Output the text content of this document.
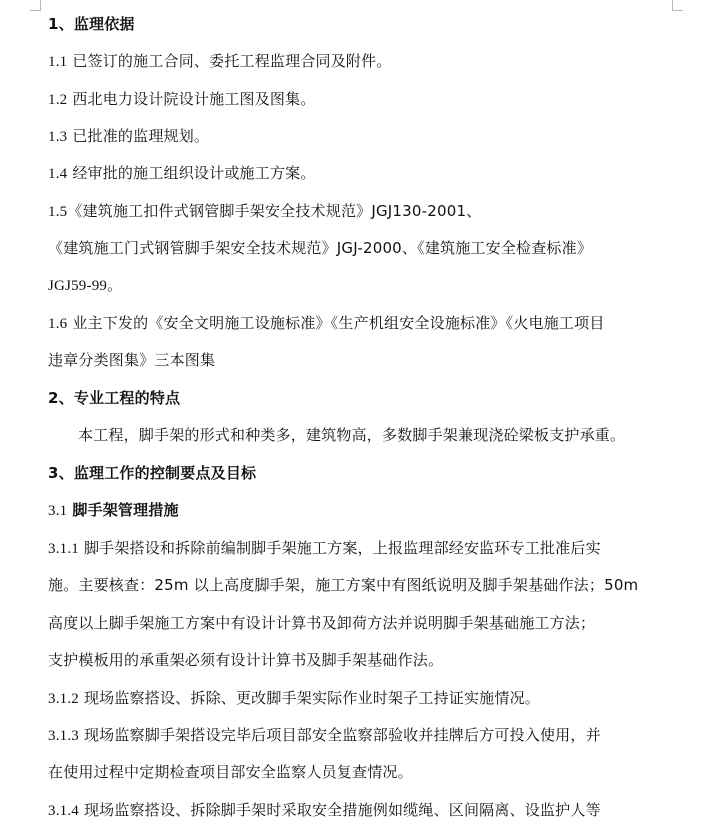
1、监理依据
1.1 已签订的施工合同、委托工程监理合同及附件。
1.2 西北电力设计院设计施工图及图集。
1.3 已批准的监理规划。
1.4 经审批的施工组织设计或施工方案。
1.5《建筑施工扣件式钢管脚手架安全技术规范》JGJ130-2001、
《建筑施工门式钢管脚手架安全技术规范》JGJ-2000、《建筑施工安全检查标准》
JGJ59-99。
1.6 业主下发的《安全文明施工设施标准》《生产机组安全设施标准》《火电施工项目
违章分类图集》三本图集
2、专业工程的特点
本工程，脚手架的形式和种类多，建筑物高，多数脚手架兼现浇砼梁板支护承重。
3、监理工作的控制要点及目标
3.1 脚手架管理措施
3.1.1 脚手架搭设和拆除前编制脚手架施工方案，上报监理部经安监环专工批准后实
施。主要核查：25m 以上高度脚手架，施工方案中有图纸说明及脚手架基础作法；50m
高度以上脚手架施工方案中有设计计算书及卸荷方法并说明脚手架基础施工方法；
支护模板用的承重架必须有设计计算书及脚手架基础作法。
3.1.2 现场监察搭设、拆除、更改脚手架实际作业时架子工持证实施情况。
3.1.3 现场监察脚手架搭设完毕后项目部安全监察部验收并挂牌后方可投入使用，并
在使用过程中定期检查项目部安全监察人员复查情况。
3.1.4 现场监察搭设、拆除脚手架时采取安全措施例如缆绳、区间隔离、设监护人等
